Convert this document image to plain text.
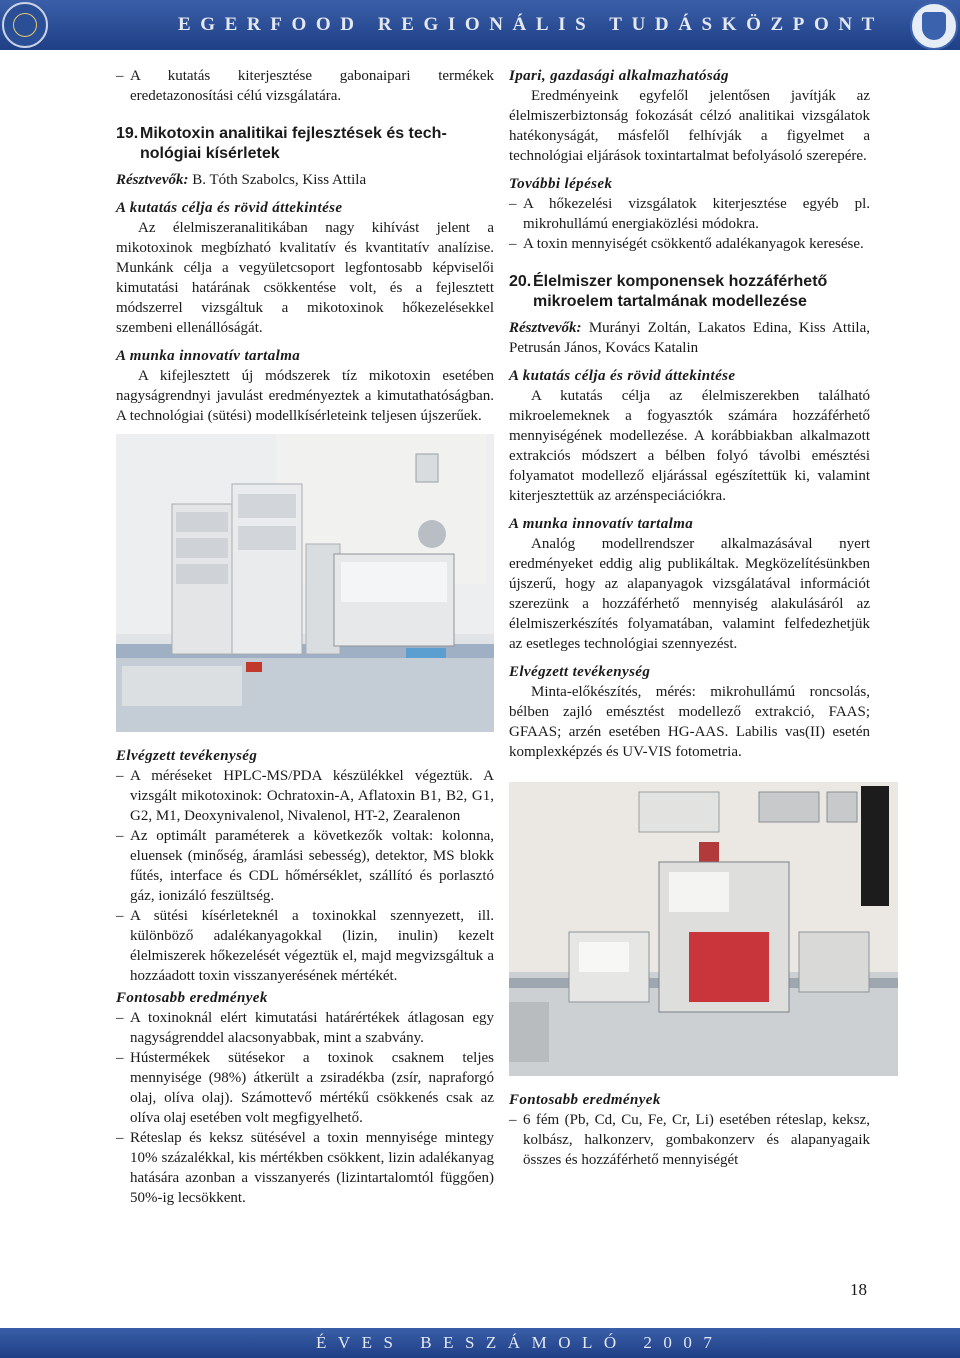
EGERFOOD REGIONÁLIS TUDÁSKÖZPONT

– A kutatás kiterjesztése gabonaipari termékek eredetazonosítási célú vizsgálatára.

19. Mikotoxin analitikai fejlesztések és tech-
nológiai kísérletek

Résztvevők: B. Tóth Szabolcs, Kiss Attila

A kutatás célja és rövid áttekintése

Az élelmiszeranalitikában nagy kihívást jelent a mikotoxinok megbízható kvalitatív és kvantitatív analízise. Munkánk célja a vegyületcsoport legfontosabb képviselői kimutatási határának csökkentése volt, és a fejlesztett módszerrel vizsgáltuk a mikotoxinok hőkezelésekkel szembeni ellenállóságát.

A munka innovatív tartalma

A kifejlesztett új módszerek tíz mikotoxin esetében nagyságrendnyi javulást eredményeztek a kimutathatóságban. A technológiai (sütési) modellkísérleteink teljesen újszerűek.

Elvégzett tevékenység

– A méréseket HPLC-MS/PDA készülékkel végeztük. A vizsgált mikotoxinok: Ochratoxin-A, Aflatoxin B1, B2, G1, G2, M1, Deoxynivalenol, Nivalenol, HT-2, Zearalenon

– Az optimált paraméterek a következők voltak: kolonna, eluensek (minőség, áramlási sebesség), detektor, MS blokk fűtés, interface és CDL hőmérséklet, szállító és porlasztó gáz, ionizáló feszültség.

– A sütési kísérleteknél a toxinokkal szennyezett, ill. különböző adalékanyagokkal (lizin, inulin) kezelt élelmiszerek hőkezelését végeztük el, majd megvizsgáltuk a hozzáadott toxin visszanyerésének mértékét.

Fontosabb eredmények

– A toxinoknál elért kimutatási határértékek átlagosan egy nagyságrenddel alacsonyabbak, mint a szabvány.

– Hústermékek sütésekor a toxinok csaknem teljes mennyisége (98%) átkerült a zsiradékba (zsír, napraforgó olaj, olíva olaj). Számottevő mértékű csökkenés csak az olíva olaj esetében volt megfigyelhető.

– Réteslap és keksz sütésével a toxin mennyisége mintegy 10% százalékkal, kis mértékben csökkent, lizin adalékanyag hatására azonban a visszanyerés (lizintartalomtól függően) 50%-ig lecsökkent.

Ipari, gazdasági alkalmazhatóság

Eredményeink egyfelől jelentősen javítják az élelmiszerbiztonság fokozását célzó analitikai vizsgálatok hatékonyságát, másfelől felhívják a figyelmet a technológiai eljárások toxintartalmat befolyásoló szerepére.

További lépések

– A hőkezelési vizsgálatok kiterjesztése egyéb pl. mikrohullámú energiaközlési módokra.

– A toxin mennyiségét csökkentő adalékanyagok keresése.

20. Élelmiszer komponensek hozzáférhető
mikroelem tartalmának modellezése

Résztvevők: Murányi Zoltán, Lakatos Edina, Kiss Attila, Petrusán János, Kovács Katalin

A kutatás célja és rövid áttekintése

A kutatás célja az élelmiszerekben található mikroelemeknek a fogyasztók számára hozzáférhető mennyiségének modellezése. A korábbiakban alkalmazott extrakciós módszert a bélben folyó távolbi emésztési folyamatot modellező eljárással egészítettük ki, valamint kiterjesztettük az arzénspeciációkra.

A munka innovatív tartalma

Analóg modellrendszer alkalmazásával nyert eredményeket eddig alig publikáltak. Megközelítésünkben újszerű, hogy az alapanyagok vizsgálatával információt szerezünk a hozzáférhető mennyiség alakulásáról az élelmiszerkészítés folyamatában, valamint felfedezhetjük az esetleges technológiai szennyezést.

Elvégzett tevékenység

Minta-előkészítés, mérés: mikrohullámú roncsolás, bélben zajló emésztést modellező extrakció, FAAS; GFAAS; arzén esetében HG-AAS. Labilis vas(II) esetén komplexképzés és UV-VIS fotometria.

Fontosabb eredmények

– 6 fém (Pb, Cd, Cu, Fe, Cr, Li) esetében réteslap, keksz, kolbász, halkonzerv, gombakonzerv és alapanyagaik összes és hozzáférhető mennyiségét

18
ÉVES BESZÁMOLÓ 2007
